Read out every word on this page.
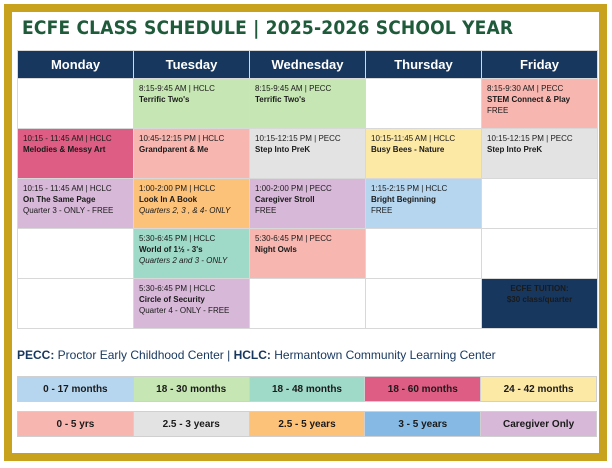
ECFE CLASS SCHEDULE | 2025-2026 SCHOOL YEAR
Monday	Tuesday	Wednesday	Thursday	Friday

	8:15-9:45 AM | HCLC
Terrific Two's	8:15-9:45 AM | PECC
Terrific Two's		8:15-9:30 AM | PECC
STEM Connect & Play
FREE

10:15 - 11:45 AM | HCLC
Melodies & Messy Art	10:45-12:15 PM | HCLC
Grandparent & Me	10:15-12:15 PM | PECC
Step Into PreK	10:15-11:45 AM | HCLC
Busy Bees - Nature	10:15-12:15 PM | PECC
Step Into PreK

10:15 - 11:45 AM | HCLC
On The Same Page
Quarter 3 - ONLY - FREE	1:00-2:00 PM | HCLC
Look In A Book
Quarters 2, 3 , & 4- ONLY	1:00-2:00 PM | PECC
Caregiver Stroll
FREE	1:15-2:15 PM | HCLC
Bright Beginning
FREE	

	5:30-6:45 PM | HCLC
World of 1½ - 3's
Quarters 2 and 3 - ONLY	5:30-6:45 PM | PECC
Night Owls		

	5:30-6:45 PM | HCLC
Circle of Security
Quarter 4 - ONLY - FREE			ECFE TUITION:
$30 class/quarter
PECC: Proctor Early Childhood Center | HCLC: Hermantown Community Learning Center
0 - 17 months	18 - 30 months	18 - 48 months	18 - 60 months	24 - 42 months
0 - 5 yrs	2.5 - 3 years	2.5 - 5 years	3 - 5 years	Caregiver Only
